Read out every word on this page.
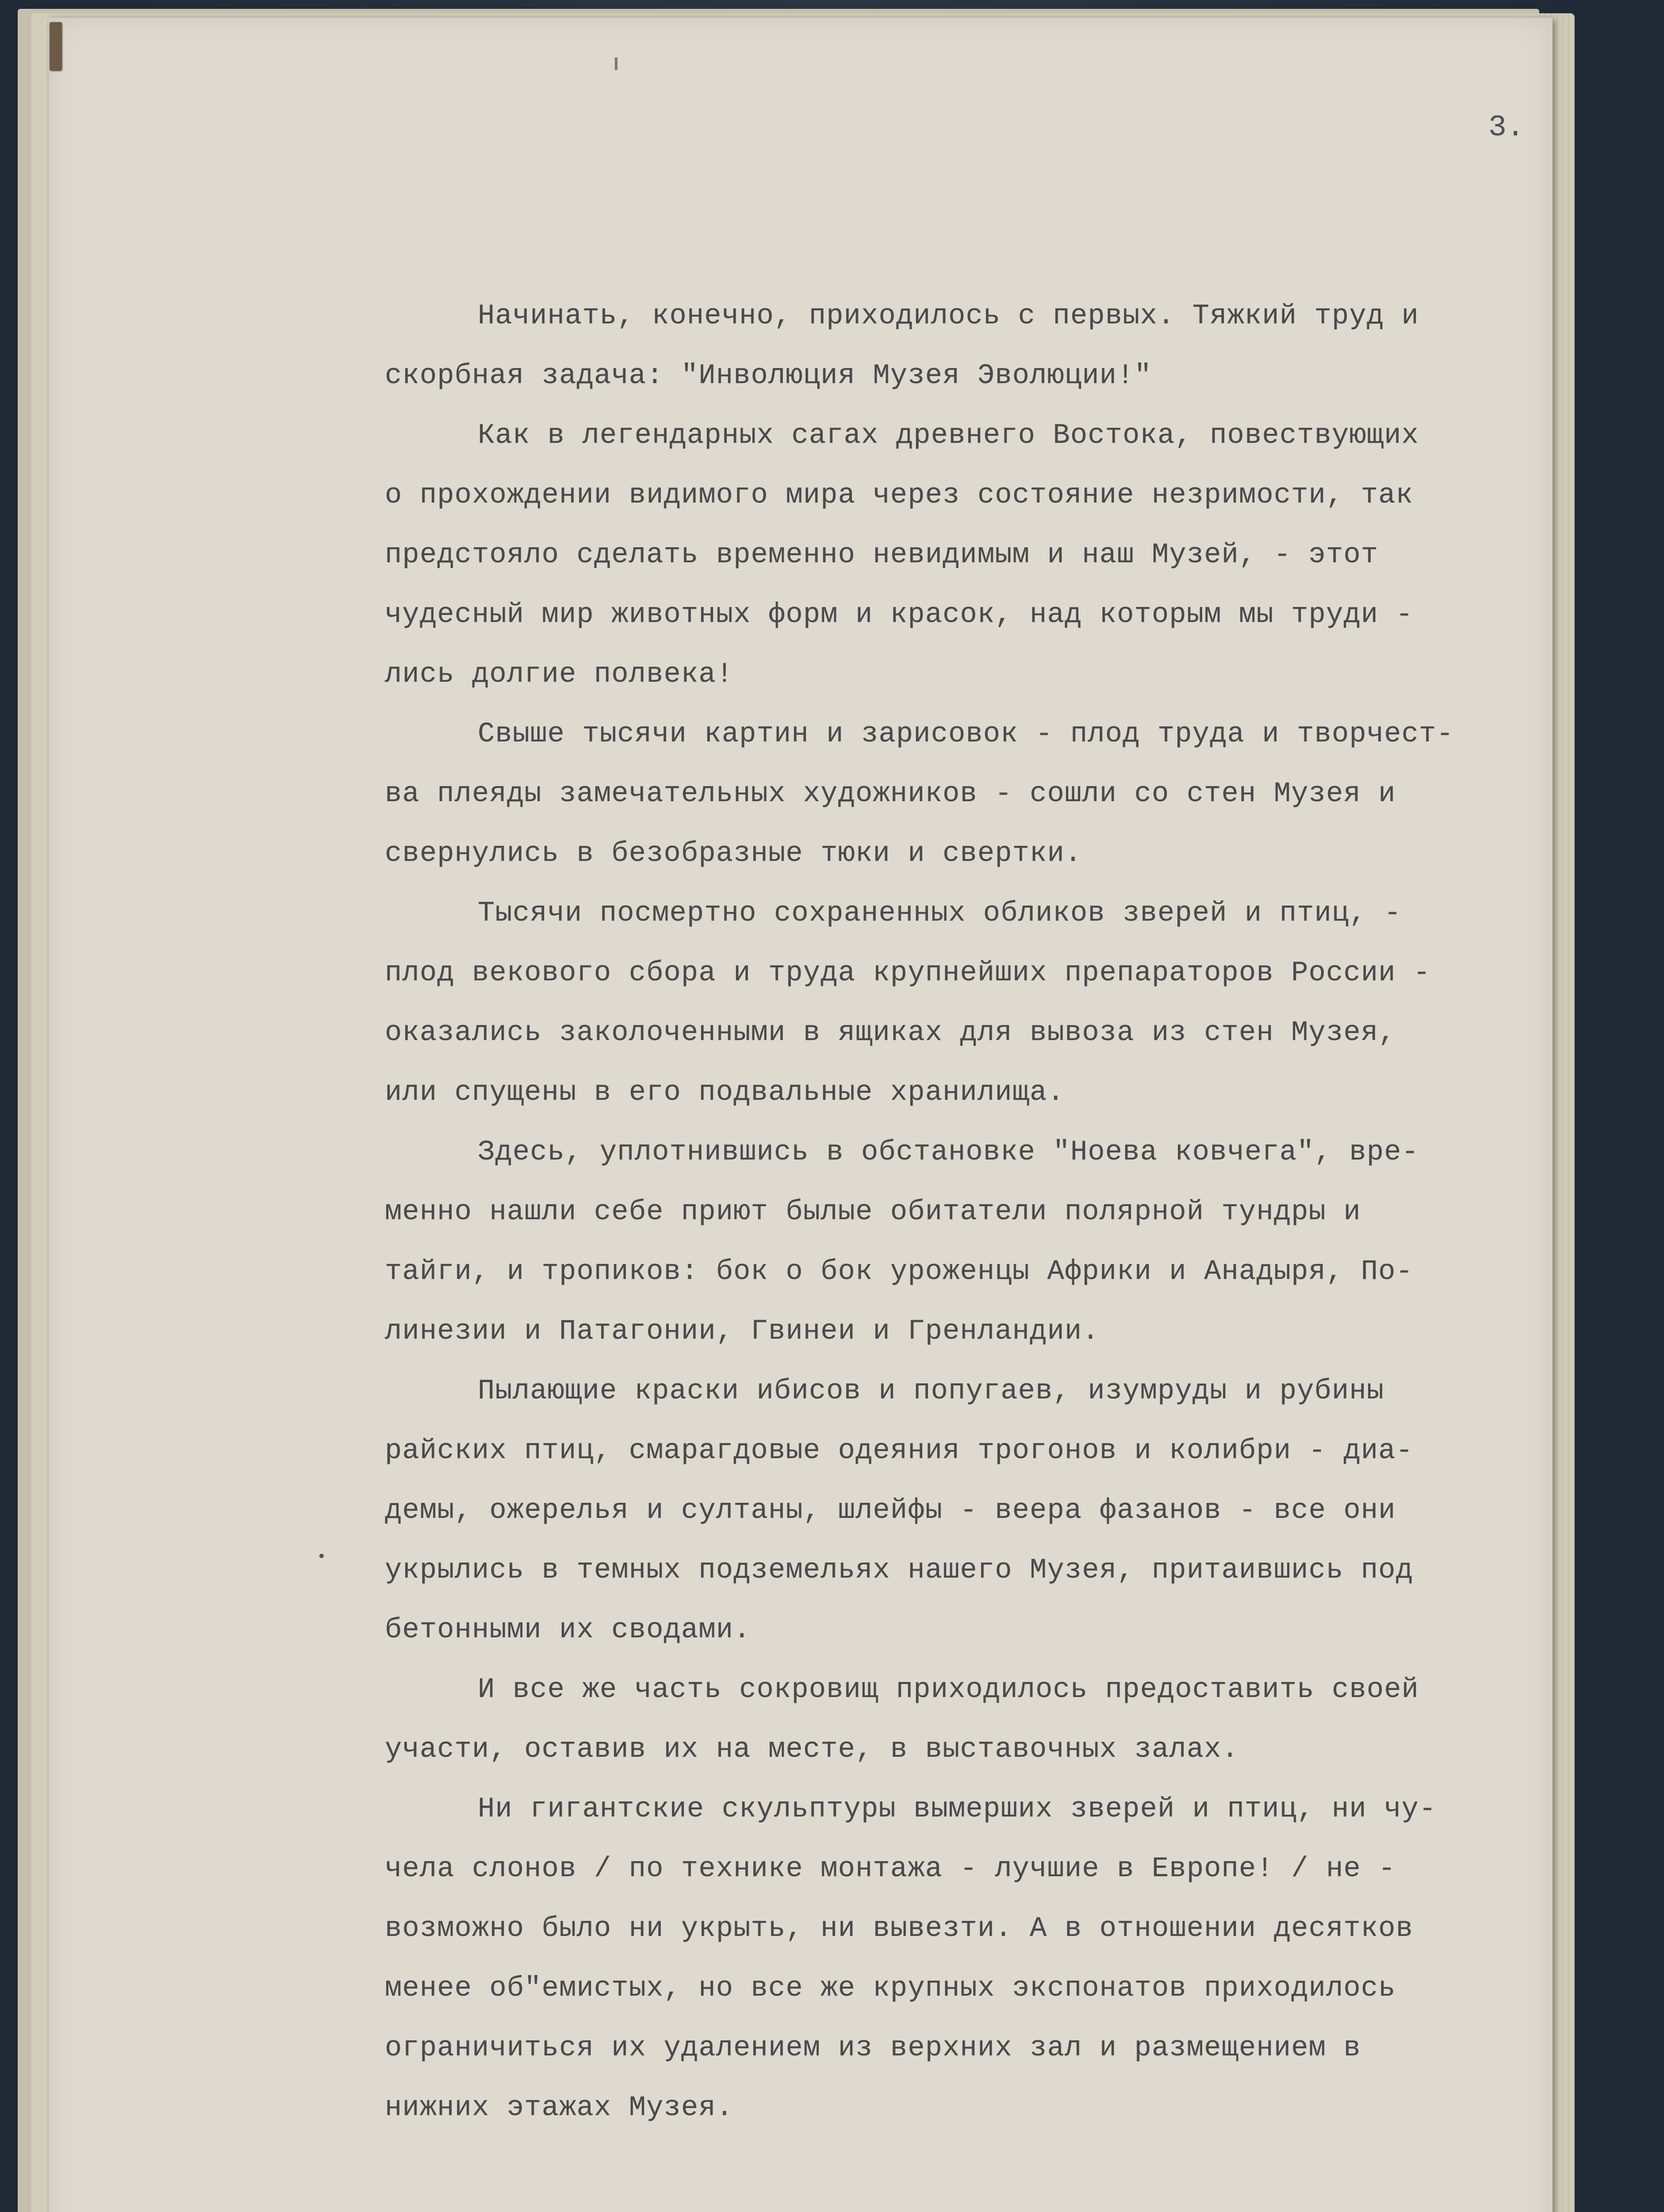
3.
Начинать, конечно, приходилось с первых. Тяжкий труд и
скорбная задача: "Инволюция Музея Эволюции!"
Как в легендарных сагах древнего Востока, повествующих
о прохождении видимого мира через состояние незримости, так
предстояло сделать временно невидимым и наш Музей, - этот
чудесный мир животных форм и красок, над которым мы труди -
лись долгие полвека!
Свыше тысячи картин и зарисовок - плод труда и творчест-
ва плеяды замечательных художников - сошли со стен Музея и
свернулись в безобразные тюки и свертки.
Тысячи посмертно сохраненных обликов зверей и птиц, -
плод векового сбора и труда крупнейших препараторов России -
оказались заколоченными в ящиках для вывоза из стен Музея,
или спущены в его подвальные хранилища.
Здесь, уплотнившись в обстановке "Ноева ковчега", вре-
менно нашли себе приют былые обитатели полярной тундры и
тайги, и тропиков: бок о бок уроженцы Африки и Анадыря, По-
линезии и Патагонии, Гвинеи и Гренландии.
Пылающие краски ибисов и попугаев, изумруды и рубины
райских птиц, смарагдовые одеяния трогонов и колибри - диа-
демы, ожерелья и султаны, шлейфы - веера фазанов - все они
укрылись в темных подземельях нашего Музея, притаившись под
бетонными их сводами.
И все же часть сокровищ приходилось предоставить своей
участи, оставив их на месте, в выставочных залах.
Ни гигантские скульптуры вымерших зверей и птиц, ни чу-
чела слонов / по технике монтажа - лучшие в Европе! / не -
возможно было ни укрыть, ни вывезти. А в отношении десятков
менее об"емистых, но все же крупных экспонатов приходилось
ограничиться их удалением из верхних зал и размещением в
нижних этажах Музея.
